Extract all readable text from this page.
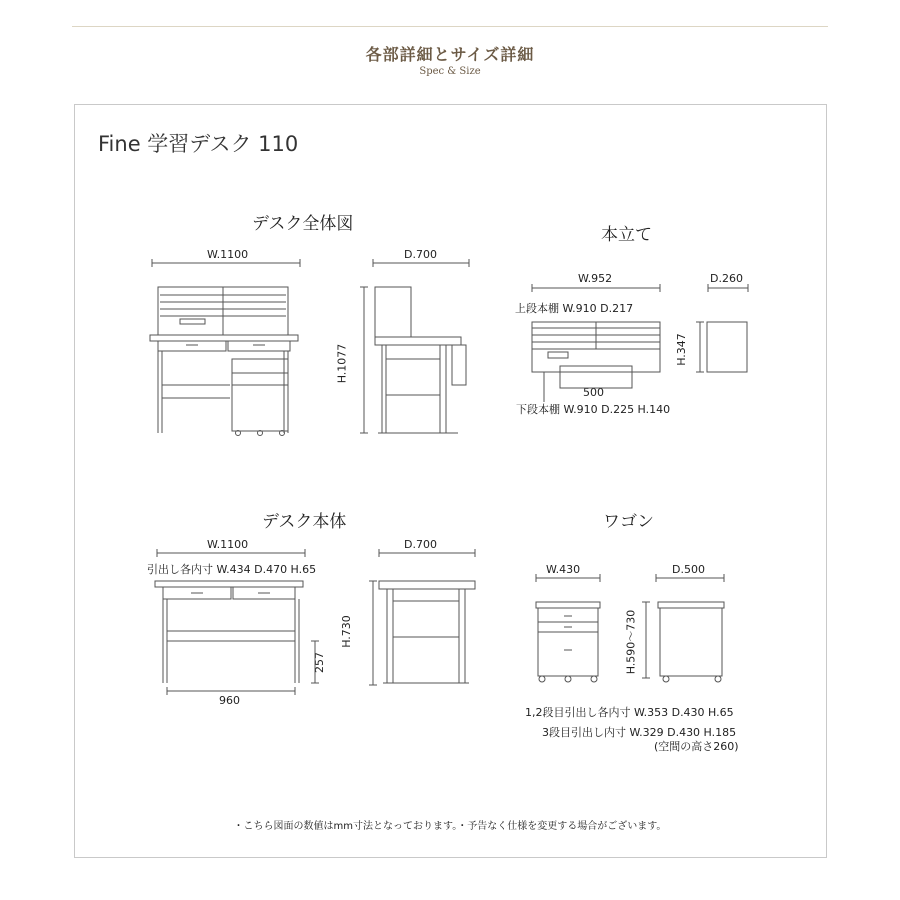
各部詳細とサイズ詳細
Spec & Size
Fine 学習デスク 110
デスク全体図
W.1100	D.700
H.1077
本立て
W.952	D.260
上段本棚 W.910 D.217
H.347
500
下段本棚 W.910 D.225 H.140
デスク本体
W.1100	D.700
引出し各内寸 W.434 D.470 H.65
H.730
257
960
ワゴン
W.430	D.500
H.590〜730
1,2段目引出し各内寸 W.353 D.430 H.65
3段目引出し内寸 W.329 D.430 H.185
(空間の高さ260)
・こちら図面の数値はmm寸法となっております。・予告なく仕様を変更する場合がございます。
